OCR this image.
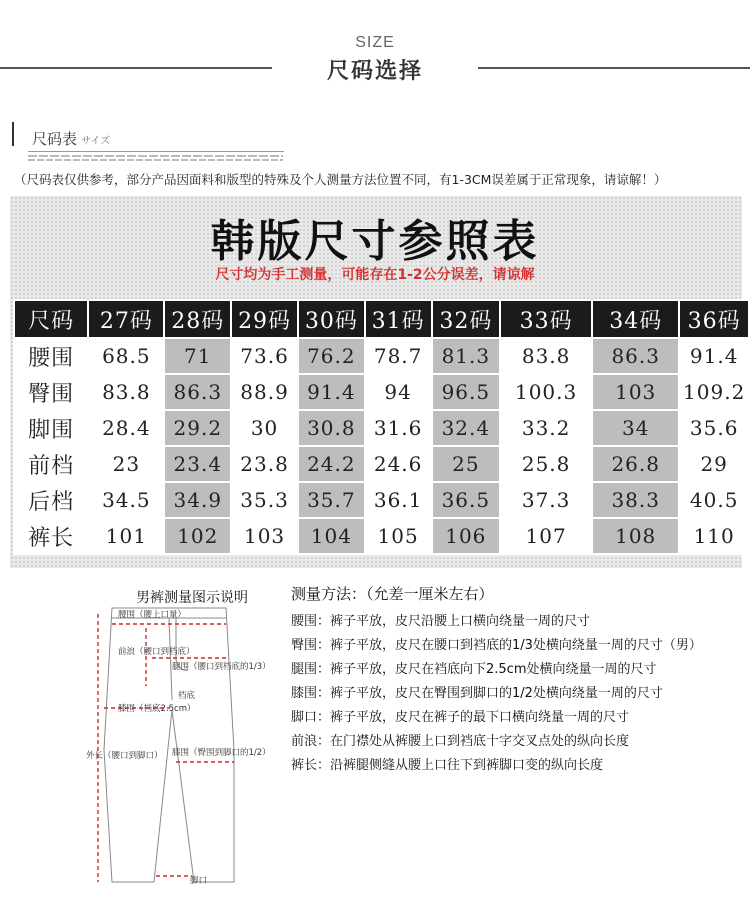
SIZE
尺码选择
尺码表 サイズ
（尺码表仅供参考，部分产品因面料和版型的特殊及个人测量方法位置不同，有1-3CM误差属于正常现象，请谅解！）
韩版尺寸参照表
尺寸均为手工测量，可能存在1-2公分误差，请谅解
尺码	27码	28码	29码	30码	31码	32码	33码	34码	36码
腰围	68.5	71	73.6	76.2	78.7	81.3	83.8	86.3	91.4
臀围	83.8	86.3	88.9	91.4	94	96.5	100.3	103	109.2
脚围	28.4	29.2	30	30.8	31.6	32.4	33.2	34	35.6
前档	23	23.4	23.8	24.2	24.6	25	25.8	26.8	29
后档	34.5	34.9	35.3	35.7	36.1	36.5	37.3	38.3	40.5
裤长	101	102	103	104	105	106	107	108	110
男裤测量图示说明
腰围（腰上口量）
前浪（腰口到档底）
腿围（腰口到档底的1/3）
档底
膝围（档底2.5cm）
外长（腰口到脚口） 膝围（臀围到脚口的1/2）
脚口
测量方法：（允差一厘米左右）
腰围：裤子平放，皮尺沿腰上口横向绕量一周的尺寸
臀围：裤子平放，皮尺在腰口到裆底的1/3处横向绕量一周的尺寸（男）
腿围：裤子平放，皮尺在裆底向下2.5cm处横向绕量一周的尺寸
膝围：裤子平放，皮尺在臀围到脚口的1/2处横向绕量一周的尺寸
脚口：裤子平放，皮尺在裤子的最下口横向绕量一周的尺寸
前浪：在门襟处从裤腰上口到裆底十字交叉点处的纵向长度
裤长：沿裤腿侧缝从腰上口往下到裤脚口变的纵向长度
